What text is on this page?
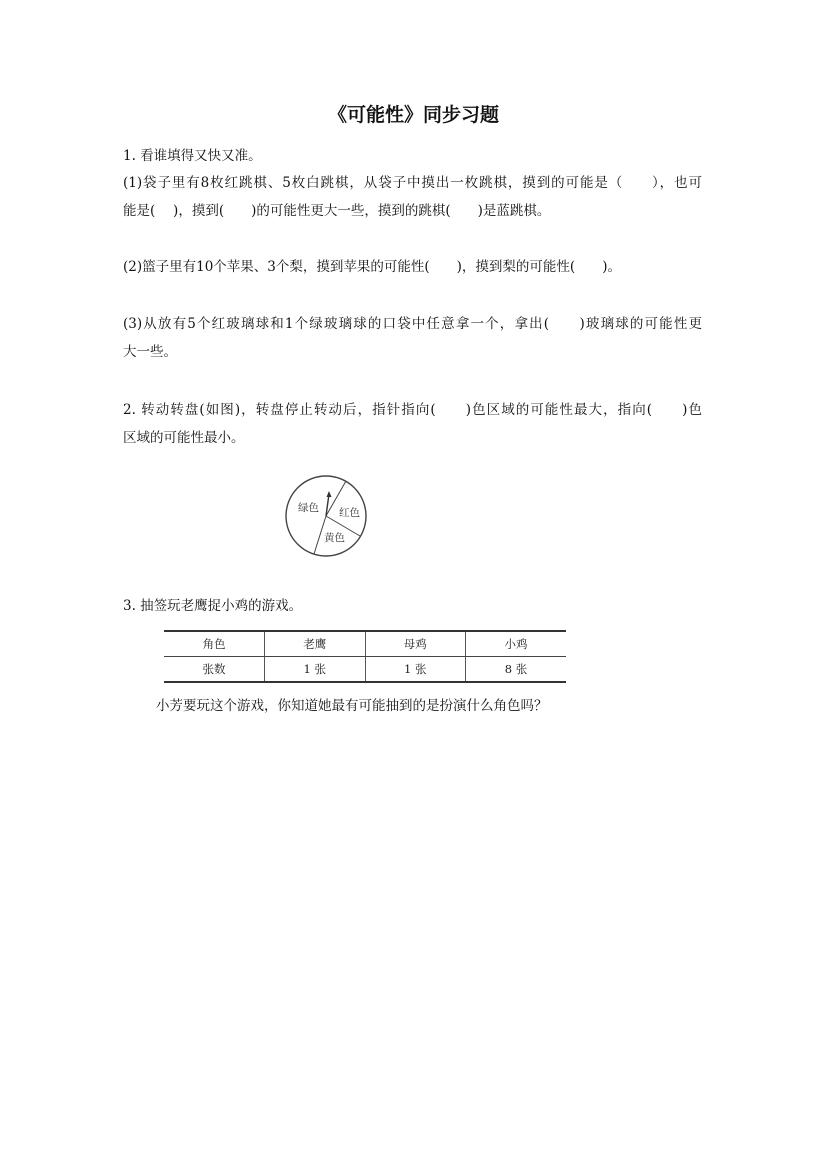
《可能性》同步习题
1. 看谁填得又快又准。
(1)袋子里有8枚红跳棋、5枚白跳棋，从袋子中摸出一枚跳棋，摸到的可能是（　　），也可
能是(　 )，摸到(　　)的可能性更大一些，摸到的跳棋(　　)是蓝跳棋。
(2)篮子里有10个苹果、3个梨，摸到苹果的可能性(　　)，摸到梨的可能性(　　)。
(3)从放有5个红玻璃球和1个绿玻璃球的口袋中任意拿一个，拿出(　　)玻璃球的可能性更
大一些。
2. 转动转盘(如图)，转盘停止转动后，指针指向(　　)色区域的可能性最大，指向(　　)色
区域的可能性最小。
绿色 红色
黄色
3. 抽签玩老鹰捉小鸡的游戏。
角色	老鹰	母鸡	小鸡
张数	1 张	1 张	8 张
小芳要玩这个游戏，你知道她最有可能抽到的是扮演什么角色吗？
